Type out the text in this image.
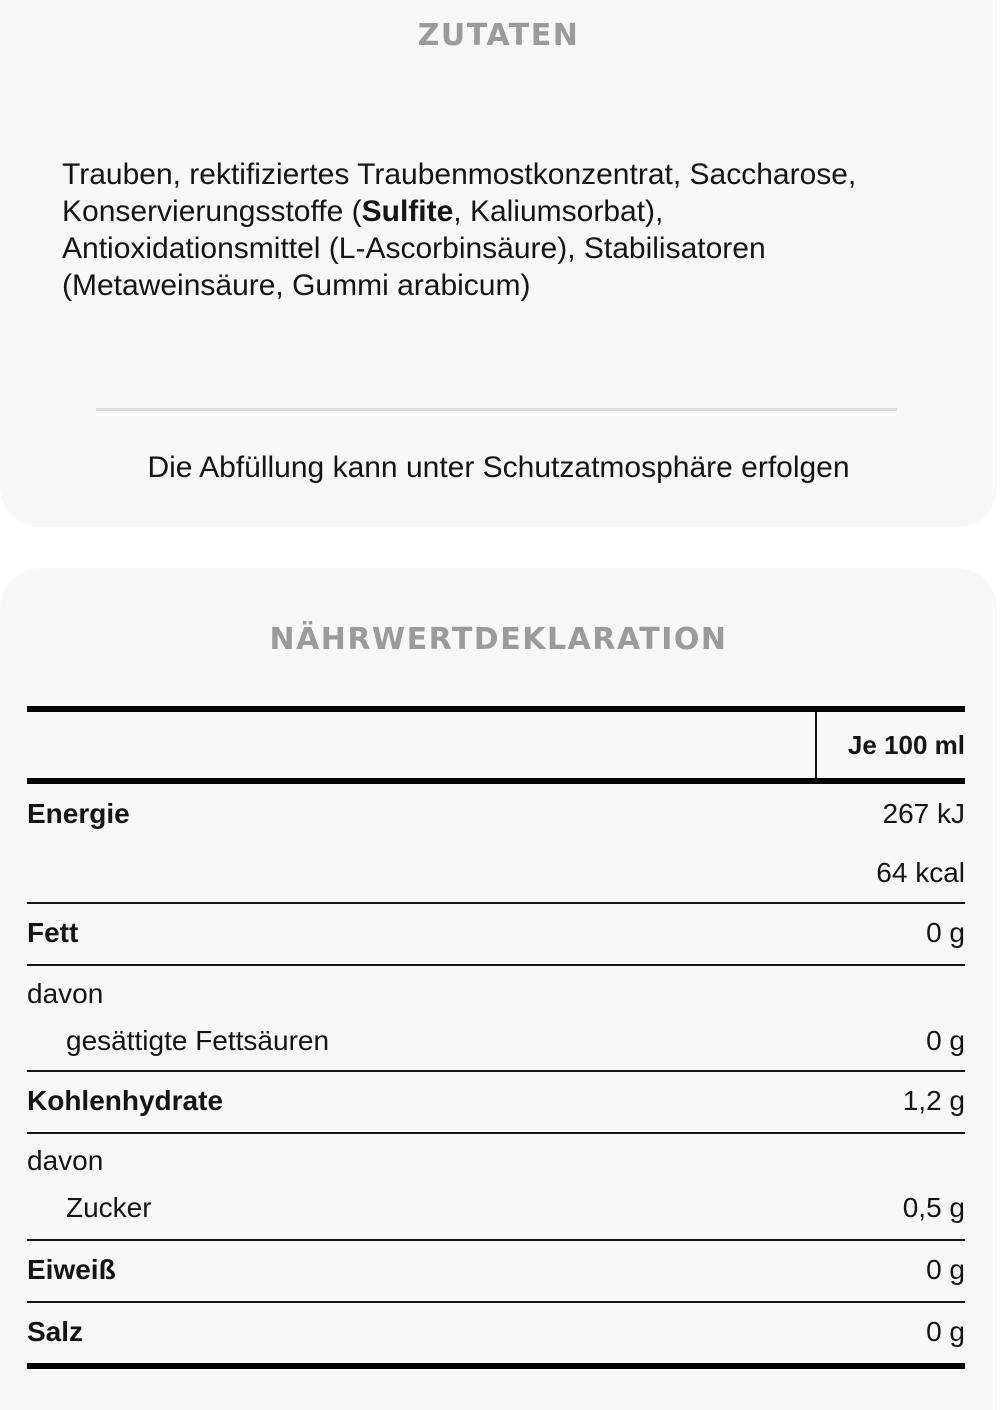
ZUTATEN

Trauben, rektifiziertes Traubenmostkonzentrat, Saccharose, Konservierungsstoffe (Sulfite, Kaliumsorbat), Antioxidationsmittel (L-Ascorbinsäure), Stabilisatoren (Metaweinsäure, Gummi arabicum)

Die Abfüllung kann unter Schutzatmosphäre erfolgen

NÄHRWERTDEKLARATION
Je 100 ml
Energie	267 kJ
64 kcal
Fett	0 g
davon
gesättigte Fettsäuren	0 g
Kohlenhydrate	1,2 g
davon
Zucker	0,5 g
Eiweiß	0 g
Salz	0 g
